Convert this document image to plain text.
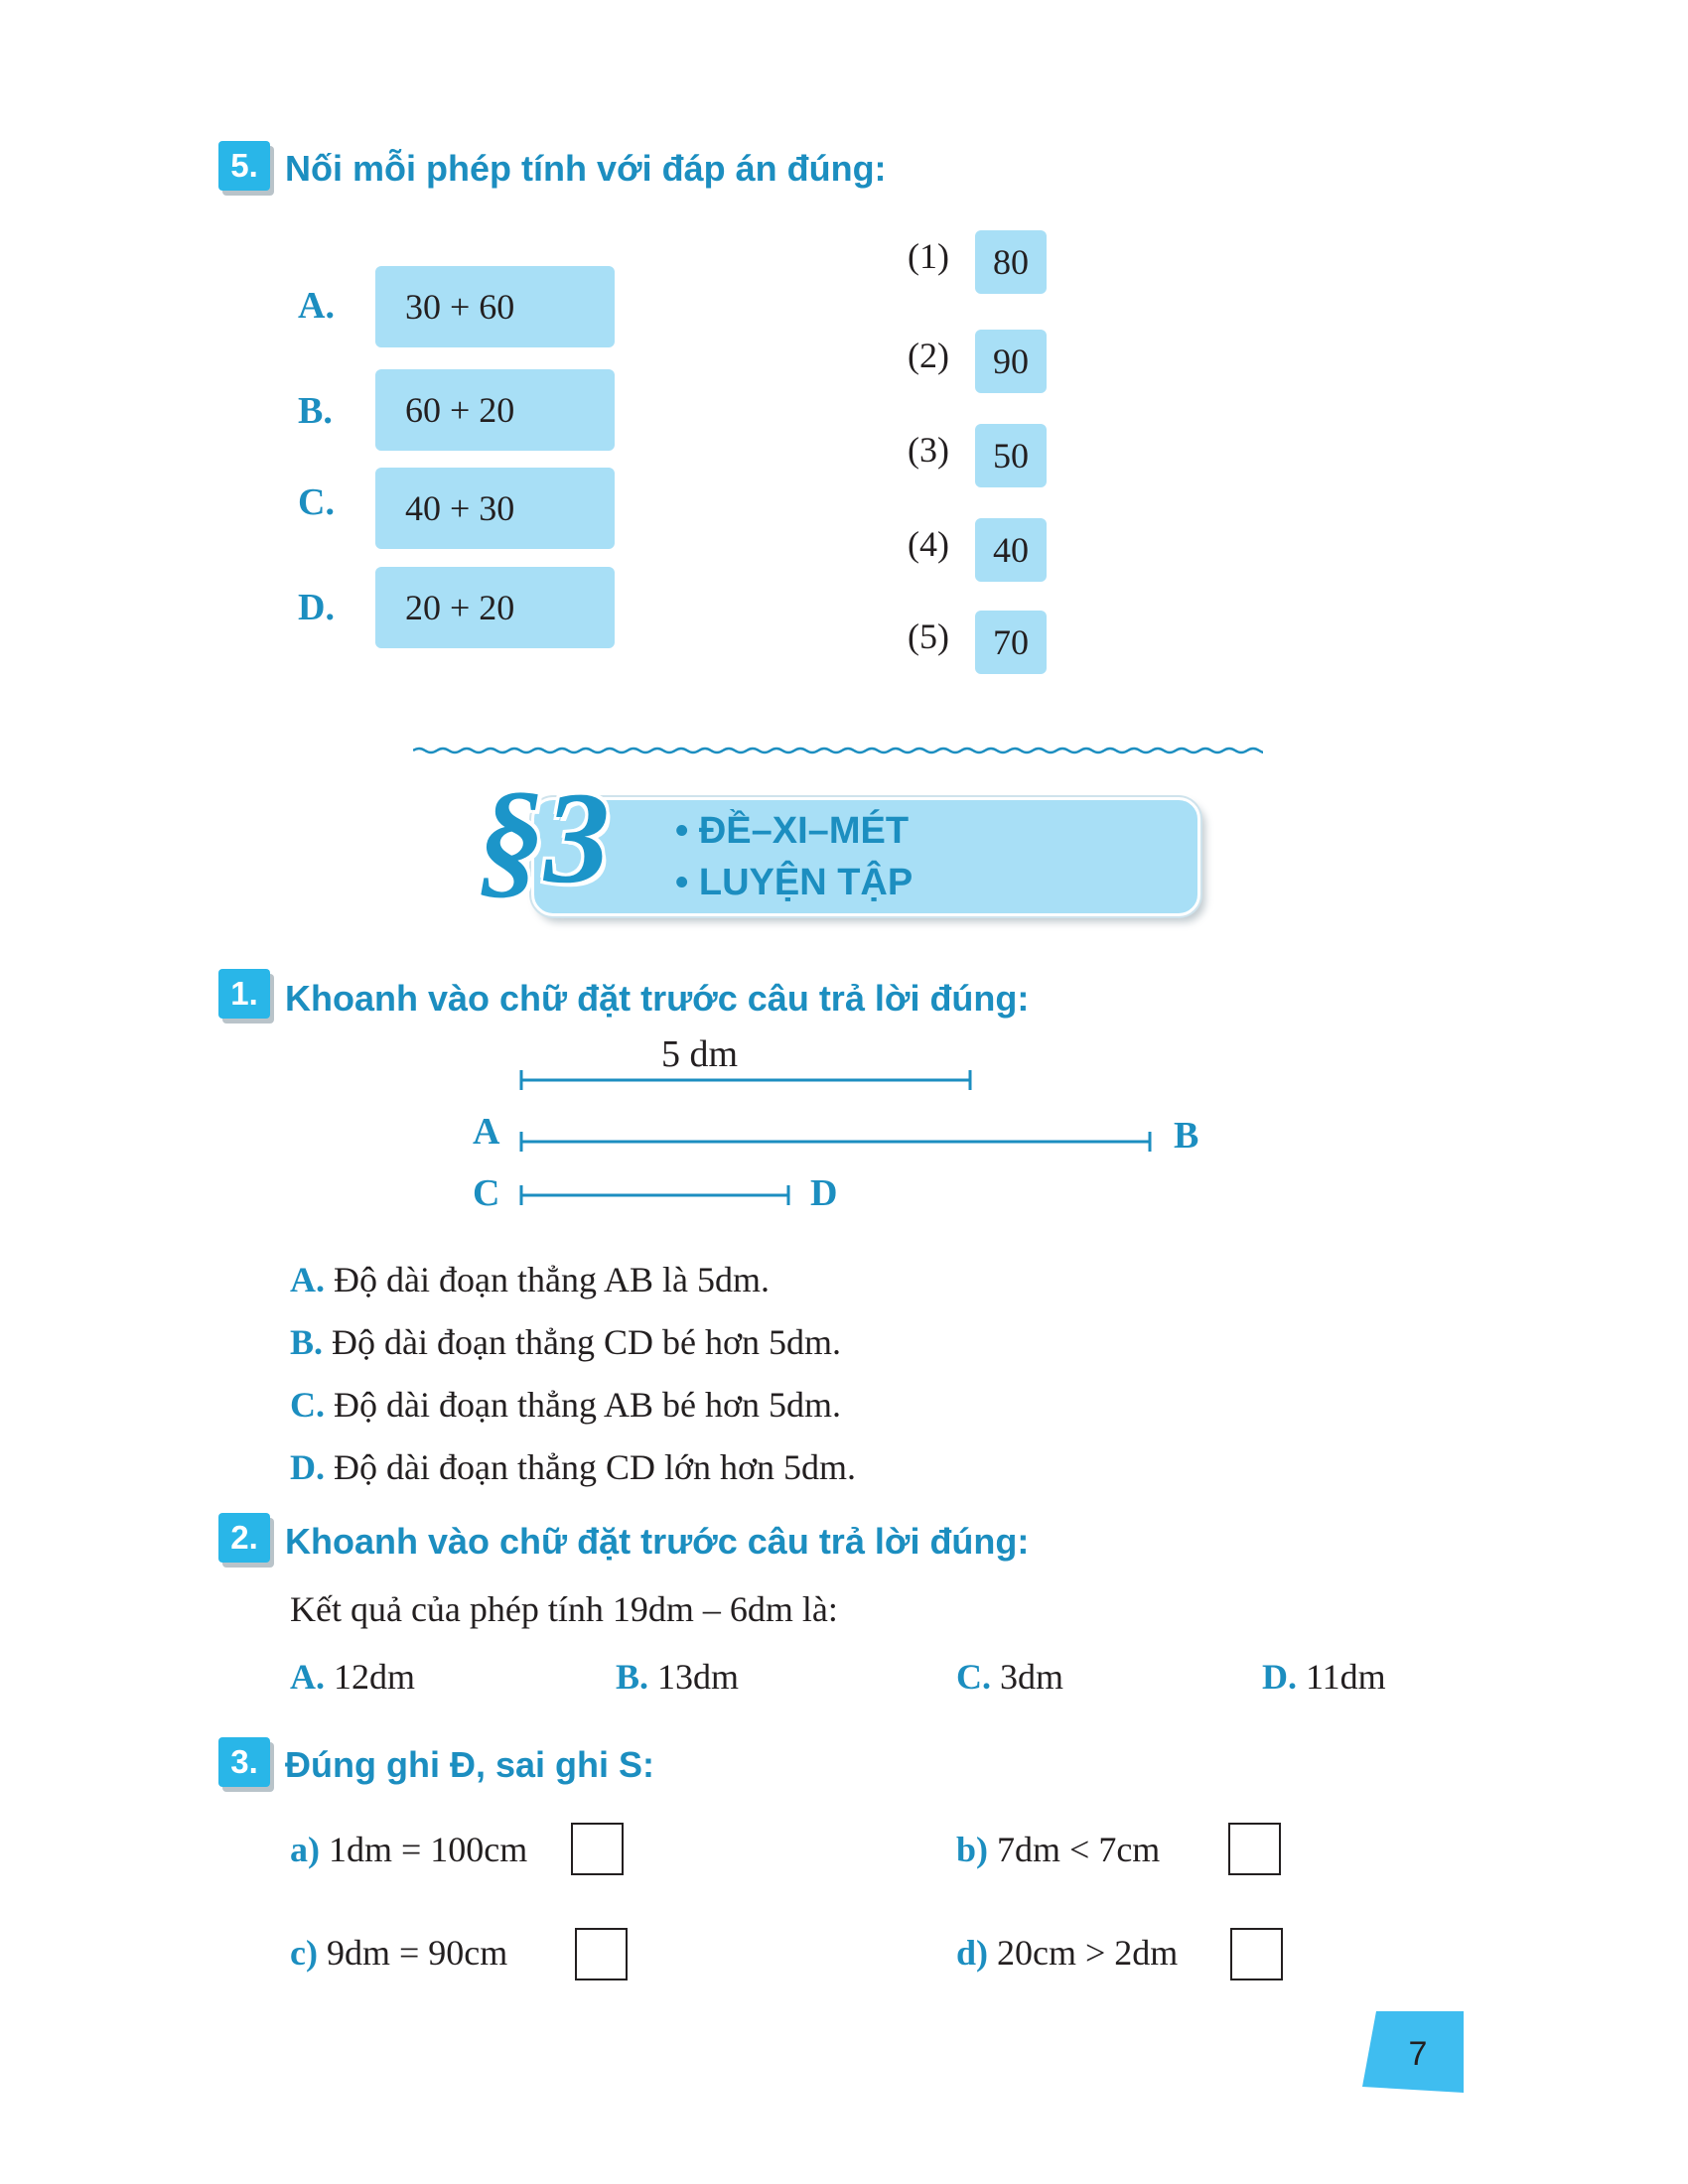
5. Nối mỗi phép tính với đáp án đúng:
A.	30 + 60
B.	60 + 20
C.	40 + 30
D.	20 + 20
(1)	80
(2)	90
(3)	50
(4)	40
(5)	70
§3 • ĐỀ–XI–MÉT
• LUYỆN TẬP
1. Khoanh vào chữ đặt trước câu trả lời đúng:
5 dm
A	B
C	D
A. Độ dài đoạn thẳng AB là 5dm.
B. Độ dài đoạn thẳng CD bé hơn 5dm.
C. Độ dài đoạn thẳng AB bé hơn 5dm.
D. Độ dài đoạn thẳng CD lớn hơn 5dm.
2. Khoanh vào chữ đặt trước câu trả lời đúng:
Kết quả của phép tính 19dm – 6dm là:
A. 12dm	B. 13dm	C. 3dm	D. 11dm
3. Đúng ghi Đ, sai ghi S:
a) 1dm = 100cm	b) 7dm < 7cm
c) 9dm = 90cm	d) 20cm > 2dm
7
